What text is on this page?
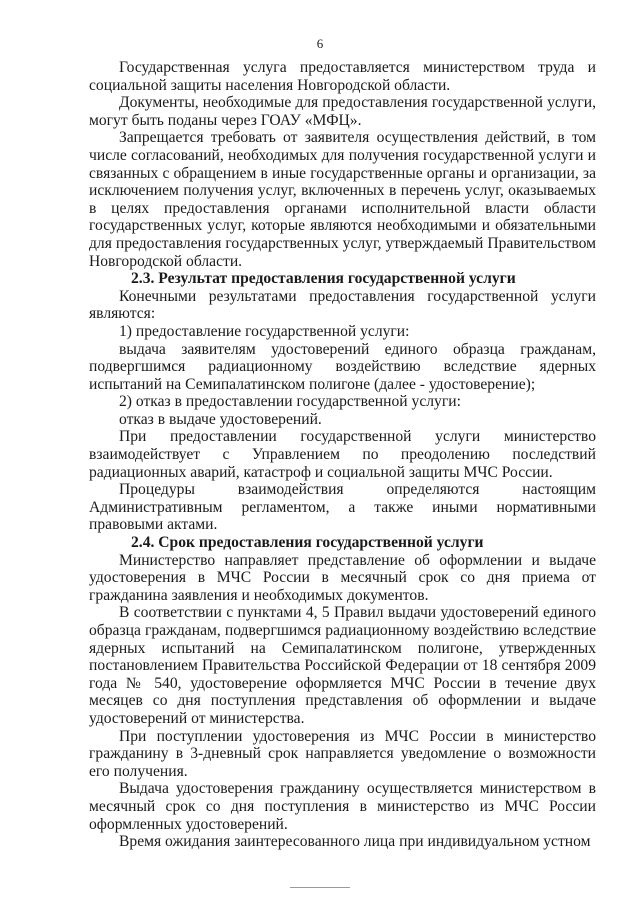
6

Государственная услуга предоставляется министерством труда и социальной защиты населения Новгородской области.

Документы, необходимые для предоставления государственной услуги, могут быть поданы через ГОАУ «МФЦ».

Запрещается требовать от заявителя осуществления действий, в том числе согласований, необходимых для получения государственной услуги и связанных с обращением в иные государственные органы и организации, за исключением получения услуг, включенных в перечень услуг, оказываемых в целях предоставления органами исполнительной власти области государственных услуг, которые являются необходимыми и обязательными для предоставления государственных услуг, утверждаемый Правительством Новгородской области.

2.3. Результат предоставления государственной услуги

Конечными результатами предоставления государственной услуги являются:

1) предоставление государственной услуги:

выдача заявителям удостоверений единого образца гражданам, подвергшимся радиационному воздействию вследствие ядерных испытаний на Семипалатинском полигоне (далее - удостоверение);

2) отказ в предоставлении государственной услуги:

отказ в выдаче удостоверений.

При предоставлении государственной услуги министерство взаимодействует с Управлением по преодолению последствий радиационных аварий, катастроф и социальной защиты МЧС России.

Процедуры взаимодействия определяются настоящим Административным регламентом, а также иными нормативными правовыми актами.

2.4. Срок предоставления государственной услуги

Министерство направляет представление об оформлении и выдаче удостоверения в МЧС России в месячный срок со дня приема от гражданина заявления и необходимых документов.

В соответствии с пунктами 4, 5 Правил выдачи удостоверений единого образца гражданам, подвергшимся радиационному воздействию вследствие ядерных испытаний на Семипалатинском полигоне, утвержденных постановлением Правительства Российской Федерации от 18 сентября 2009 года № 540, удостоверение оформляется МЧС России в течение двух месяцев со дня поступления представления об оформлении и выдаче удостоверений от министерства.

При поступлении удостоверения из МЧС России в министерство гражданину в 3-дневный срок направляется уведомление о возможности его получения.

Выдача удостоверения гражданину осуществляется министерством в месячный срок со дня поступления в министерство из МЧС России оформленных удостоверений.

Время ожидания заинтересованного лица при индивидуальном устном
